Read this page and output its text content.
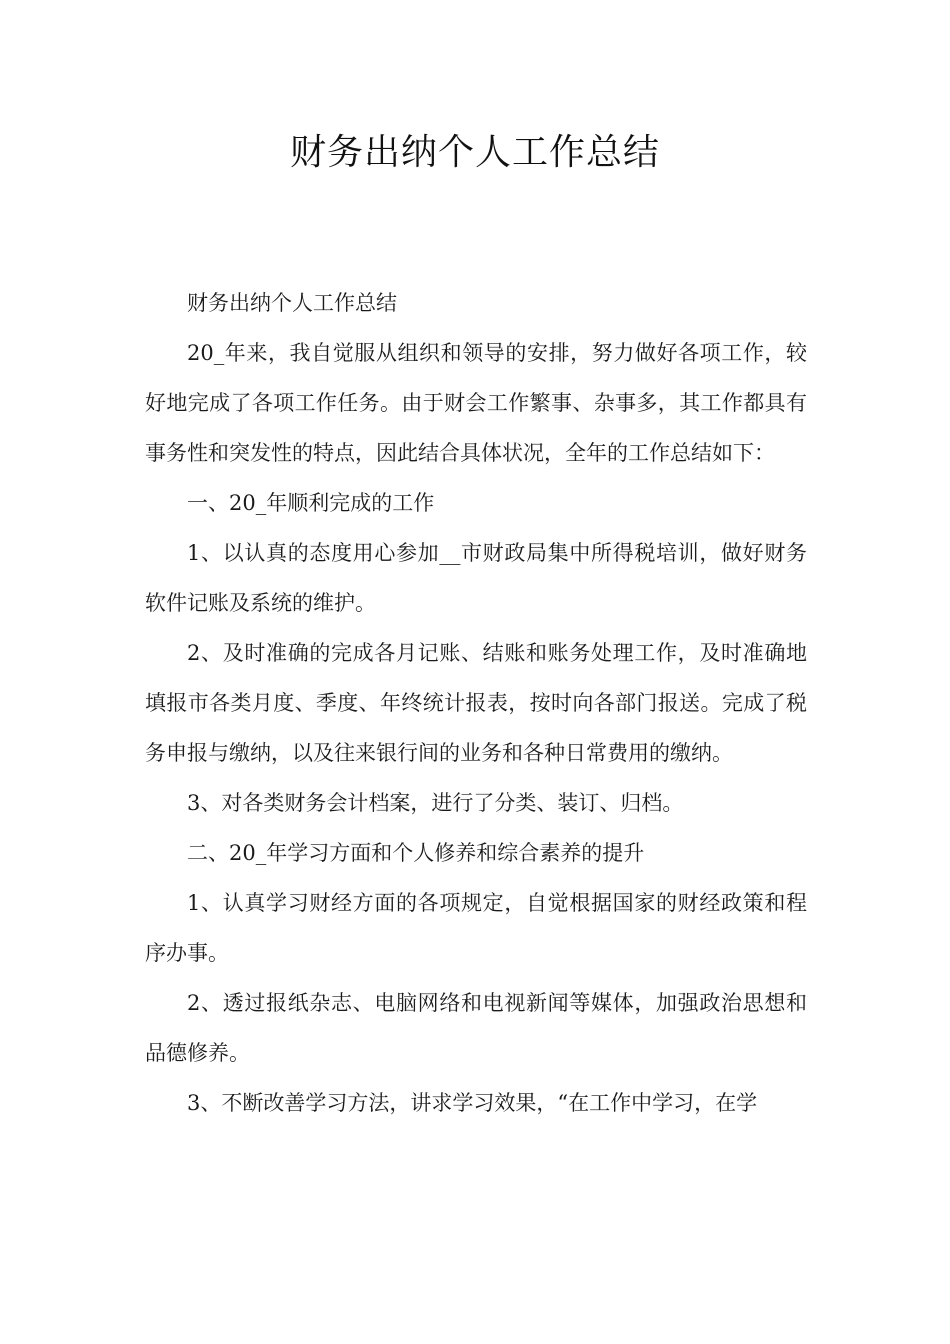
财务出纳个人工作总结

财务出纳个人工作总结

20_年来，我自觉服从组织和领导的安排，努力做好各项工作，较好地完成了各项工作任务。由于财会工作繁事、杂事多，其工作都具有事务性和突发性的特点，因此结合具体状况，全年的工作总结如下：

一、20_年顺利完成的工作

1、以认真的态度用心参加__市财政局集中所得税培训，做好财务软件记账及系统的维护。

2、及时准确的完成各月记账、结账和账务处理工作，及时准确地填报市各类月度、季度、年终统计报表，按时向各部门报送。完成了税务申报与缴纳，以及往来银行间的业务和各种日常费用的缴纳。

3、对各类财务会计档案，进行了分类、装订、归档。

二、20_年学习方面和个人修养和综合素养的提升

1、认真学习财经方面的各项规定，自觉根据国家的财经政策和程序办事。

2、透过报纸杂志、电脑网络和电视新闻等媒体，加强政治思想和品德修养。

3、不断改善学习方法，讲求学习效果，“在工作中学习，在学
